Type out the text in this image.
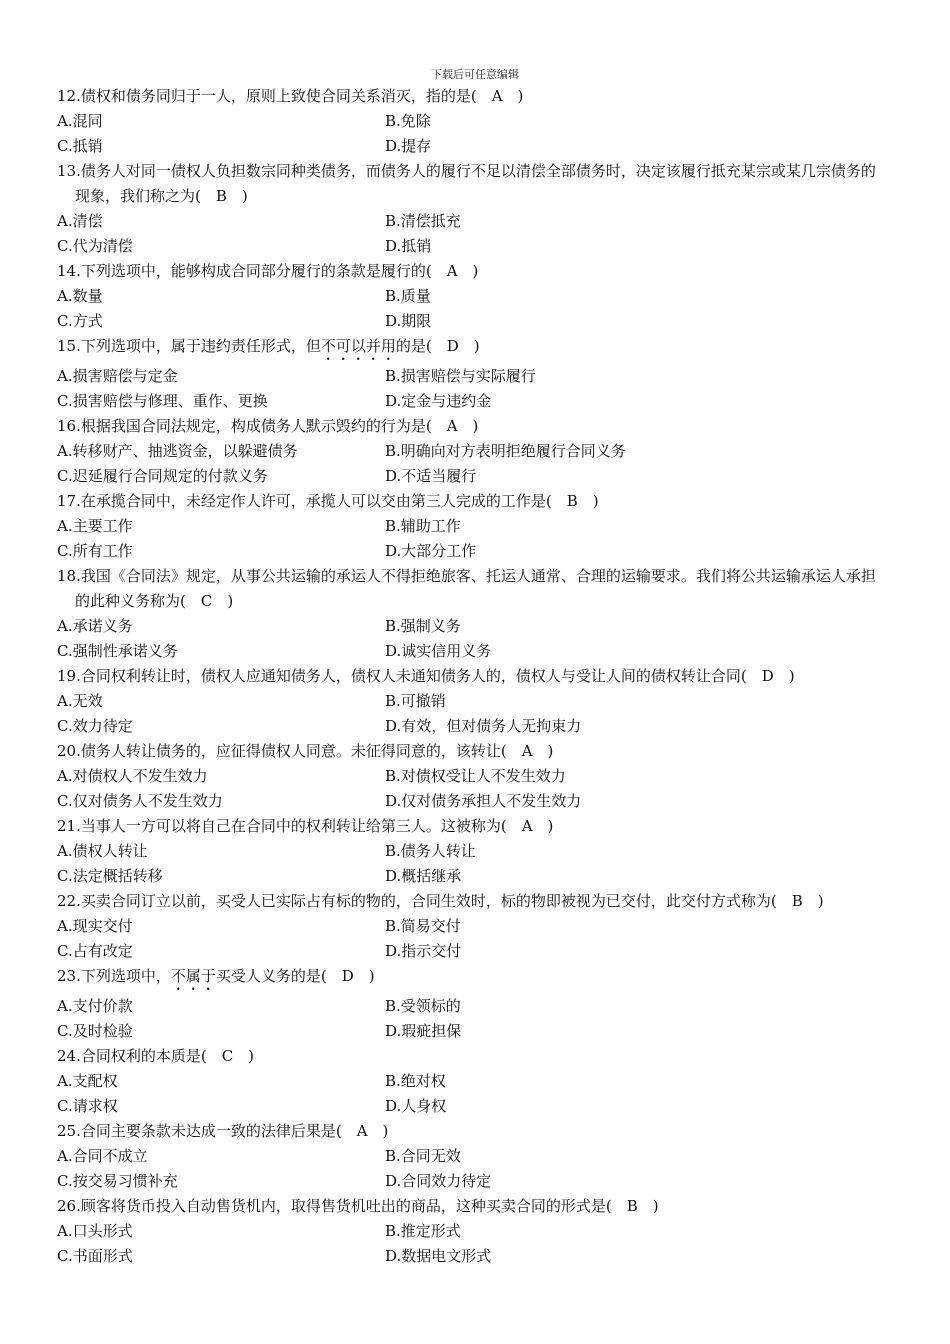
下载后可任意编辑
12.债权和债务同归于一人，原则上致使合同关系消灭，指的是(　A　)
A.混同	B.免除
C.抵销	D.提存
13.债务人对同一债权人负担数宗同种类债务，而债务人的履行不足以清偿全部债务时，决定该履行抵充某宗或某几宗债务的现象，我们称之为(　B　)
A.清偿	B.清偿抵充
C.代为清偿	D.抵销
14.下列选项中，能够构成合同部分履行的条款是履行的(　A　)
A.数量	B.质量
C.方式	D.期限
15.下列选项中，属于违约责任形式，但不可以并用的是(　D　)
A.损害赔偿与定金	B.损害赔偿与实际履行
C.损害赔偿与修理、重作、更换	D.定金与违约金
16.根据我国合同法规定，构成债务人默示毁约的行为是(　A　)
A.转移财产、抽逃资金，以躲避债务	B.明确向对方表明拒绝履行合同义务
C.迟延履行合同规定的付款义务	D.不适当履行
17.在承揽合同中，未经定作人许可，承揽人可以交由第三人完成的工作是(　B　)
A.主要工作	B.辅助工作
C.所有工作	D.大部分工作
18.我国《合同法》规定，从事公共运输的承运人不得拒绝旅客、托运人通常、合理的运输要求。我们将公共运输承运人承担的此种义务称为(　C　)
A.承诺义务	B.强制义务
C.强制性承诺义务	D.诚实信用义务
19.合同权利转让时，债权人应通知债务人，债权人未通知债务人的，债权人与受让人间的债权转让合同(　D　)
A.无效	B.可撤销
C.效力待定	D.有效，但对债务人无拘束力
20.债务人转让债务的，应征得债权人同意。未征得同意的，该转让(　A　)
A.对债权人不发生效力	B.对债权受让人不发生效力
C.仅对债务人不发生效力	D.仅对债务承担人不发生效力
21.当事人一方可以将自己在合同中的权利转让给第三人。这被称为(　A　)
A.债权人转让	B.债务人转让
C.法定概括转移	D.概括继承
22.买卖合同订立以前，买受人已实际占有标的物的，合同生效时，标的物即被视为已交付，此交付方式称为(　B　)
A.现实交付	B.简易交付
C.占有改定	D.指示交付
23.下列选项中，不属于买受人义务的是(　D　)
A.支付价款	B.受领标的
C.及时检验	D.瑕疵担保
24.合同权利的本质是(　C　)
A.支配权	B.绝对权
C.请求权	D.人身权
25.合同主要条款未达成一致的法律后果是(　A　)
A.合同不成立	B.合同无效
C.按交易习惯补充	D.合同效力待定
26.顾客将货币投入自动售货机内，取得售货机吐出的商品，这种买卖合同的形式是(　B　)
A.口头形式	B.推定形式
C.书面形式	D.数据电文形式
